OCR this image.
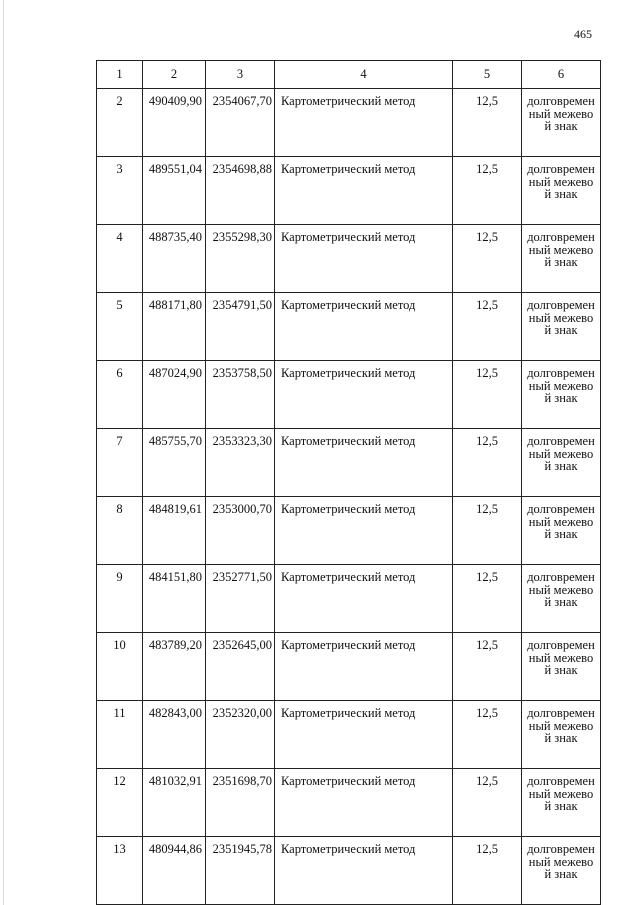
465
1	2	3	4	5	6
2	490409,90	2354067,70	Картометрический метод	12,5	долговременный межевой знак

3	489551,04	2354698,88	Картометрический метод	12,5	долговременный межевой знак

4	488735,40	2355298,30	Картометрический метод	12,5	долговременный межевой знак

5	488171,80	2354791,50	Картометрический метод	12,5	долговременный межевой знак

6	487024,90	2353758,50	Картометрический метод	12,5	долговременный межевой знак

7	485755,70	2353323,30	Картометрический метод	12,5	долговременный межевой знак

8	484819,61	2353000,70	Картометрический метод	12,5	долговременный межевой знак

9	484151,80	2352771,50	Картометрический метод	12,5	долговременный межевой знак

10	483789,20	2352645,00	Картометрический метод	12,5	долговременный межевой знак

11	482843,00	2352320,00	Картометрический метод	12,5	долговременный межевой знак

12	481032,91	2351698,70	Картометрический метод	12,5	долговременный межевой знак

13	480944,86	2351945,78	Картометрический метод	12,5	долговременный межевой знак
